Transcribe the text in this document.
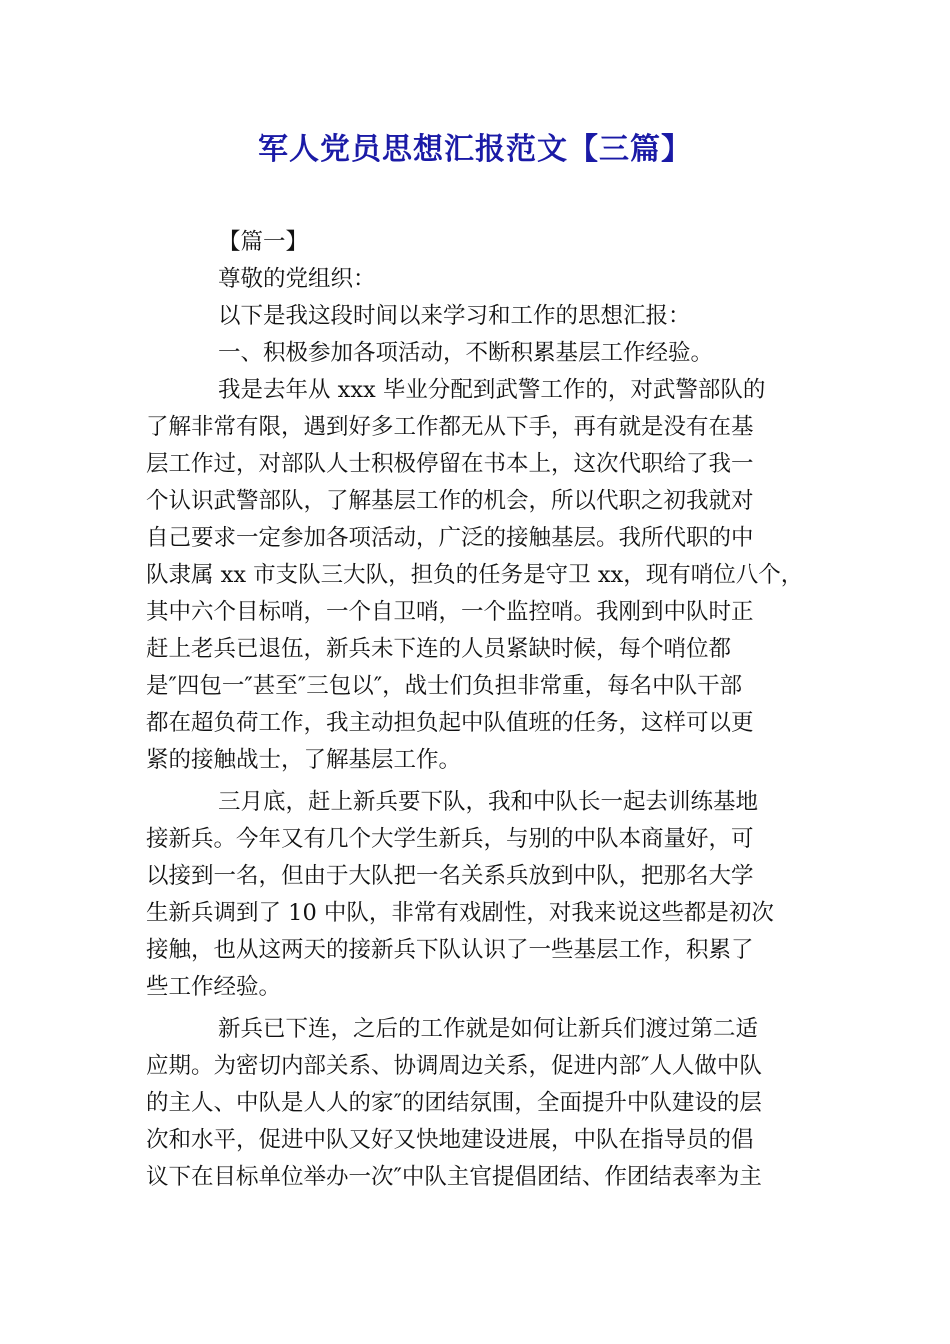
军人党员思想汇报范文【三篇】
【篇一】
尊敬的党组织：
以下是我这段时间以来学习和工作的思想汇报：
一、积极参加各项活动，不断积累基层工作经验。
我是去年从 xxx 毕业分配到武警工作的，对武警部队的
了解非常有限，遇到好多工作都无从下手，再有就是没有在基
层工作过，对部队人士积极停留在书本上，这次代职给了我一
个认识武警部队，了解基层工作的机会，所以代职之初我就对
自己要求一定参加各项活动，广泛的接触基层。我所代职的中
队隶属 xx 市支队三大队，担负的任务是守卫 xx，现有哨位八个，
其中六个目标哨，一个自卫哨，一个监控哨。我刚到中队时正
赶上老兵已退伍，新兵未下连的人员紧缺时候，每个哨位都
是″四包一″甚至″三包以″，战士们负担非常重，每名中队干部
都在超负荷工作，我主动担负起中队值班的任务，这样可以更
紧的接触战士，了解基层工作。
三月底，赶上新兵要下队，我和中队长一起去训练基地
接新兵。今年又有几个大学生新兵，与别的中队本商量好，可
以接到一名，但由于大队把一名关系兵放到中队，把那名大学
生新兵调到了 10 中队，非常有戏剧性，对我来说这些都是初次
接触，也从这两天的接新兵下队认识了一些基层工作，积累了
些工作经验。
新兵已下连，之后的工作就是如何让新兵们渡过第二适
应期。为密切内部关系、协调周边关系，促进内部″人人做中队
的主人、中队是人人的家″的团结氛围，全面提升中队建设的层
次和水平，促进中队又好又快地建设进展，中队在指导员的倡
议下在目标单位举办一次″中队主官提倡团结、作团结表率为主
